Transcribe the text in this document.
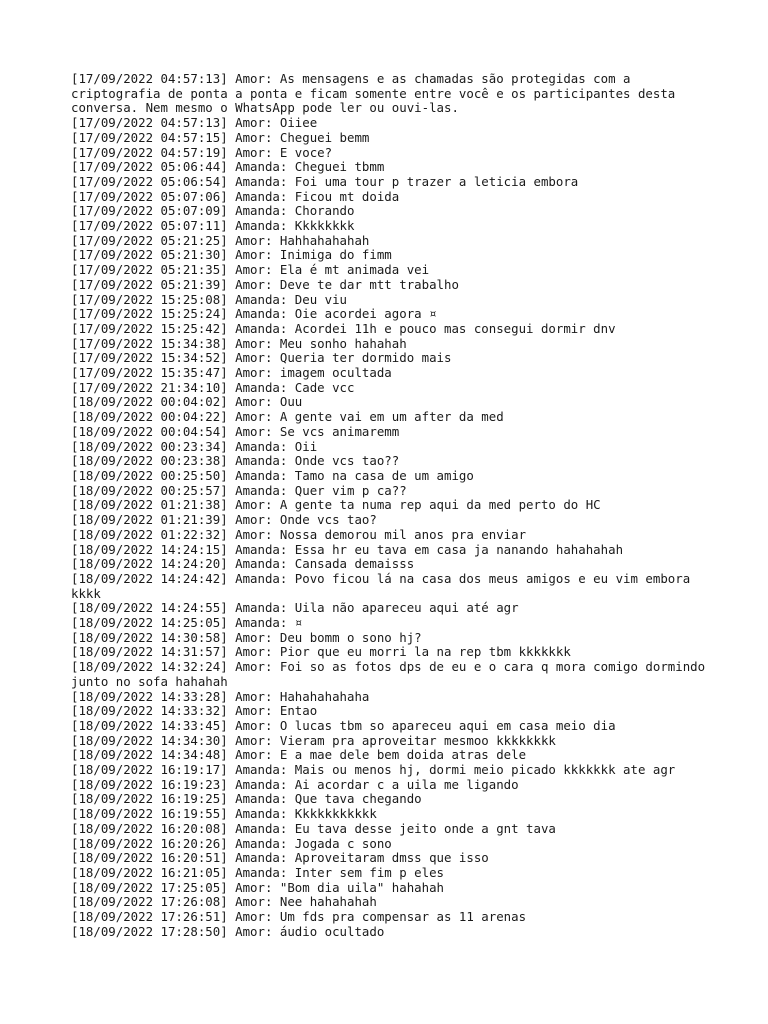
[17/09/2022 04:57:13] Amor: As mensagens e as chamadas são protegidas com a criptografia de ponta a ponta e ficam somente entre você e os participantes desta conversa. Nem mesmo o WhatsApp pode ler ou ouvi-las.
[17/09/2022 04:57:13] Amor: Oiiee
[17/09/2022 04:57:15] Amor: Cheguei bemm
[17/09/2022 04:57:19] Amor: E voce?
[17/09/2022 05:06:44] Amanda: Cheguei tbmm
[17/09/2022 05:06:54] Amanda: Foi uma tour p trazer a leticia embora
[17/09/2022 05:07:06] Amanda: Ficou mt doida
[17/09/2022 05:07:09] Amanda: Chorando
[17/09/2022 05:07:11] Amanda: Kkkkkkkk
[17/09/2022 05:21:25] Amor: Hahhahahahah
[17/09/2022 05:21:30] Amor: Inimiga do fimm
[17/09/2022 05:21:35] Amor: Ela é mt animada vei
[17/09/2022 05:21:39] Amor: Deve te dar mtt trabalho
[17/09/2022 15:25:08] Amanda: Deu viu
[17/09/2022 15:25:24] Amanda: Oie acordei agora ¤
[17/09/2022 15:25:42] Amanda: Acordei 11h e pouco mas consegui dormir dnv
[17/09/2022 15:34:38] Amor: Meu sonho hahahah
[17/09/2022 15:34:52] Amor: Queria ter dormido mais
[17/09/2022 15:35:47] Amor: imagem ocultada
[17/09/2022 21:34:10] Amanda: Cade vcc
[18/09/2022 00:04:02] Amor: Ouu
[18/09/2022 00:04:22] Amor: A gente vai em um after da med
[18/09/2022 00:04:54] Amor: Se vcs animaremm
[18/09/2022 00:23:34] Amanda: Oii
[18/09/2022 00:23:38] Amanda: Onde vcs tao??
[18/09/2022 00:25:50] Amanda: Tamo na casa de um amigo
[18/09/2022 00:25:57] Amanda: Quer vim p ca??
[18/09/2022 01:21:38] Amor: A gente ta numa rep aqui da med perto do HC
[18/09/2022 01:21:39] Amor: Onde vcs tao?
[18/09/2022 01:22:32] Amor: Nossa demorou mil anos pra enviar
[18/09/2022 14:24:15] Amanda: Essa hr eu tava em casa ja nanando hahahahah
[18/09/2022 14:24:20] Amanda: Cansada demaisss
[18/09/2022 14:24:42] Amanda: Povo ficou lá na casa dos meus amigos e eu vim embora kkkk
[18/09/2022 14:24:55] Amanda: Uila não apareceu aqui até agr
[18/09/2022 14:25:05] Amanda: ¤
[18/09/2022 14:30:58] Amor: Deu bomm o sono hj?
[18/09/2022 14:31:57] Amor: Pior que eu morri la na rep tbm kkkkkkk
[18/09/2022 14:32:24] Amor: Foi so as fotos dps de eu e o cara q mora comigo dormindo junto no sofa hahahah
[18/09/2022 14:33:28] Amor: Hahahahahaha
[18/09/2022 14:33:32] Amor: Entao
[18/09/2022 14:33:45] Amor: O lucas tbm so apareceu aqui em casa meio dia
[18/09/2022 14:34:30] Amor: Vieram pra aproveitar mesmoo kkkkkkkk
[18/09/2022 14:34:48] Amor: E a mae dele bem doida atras dele
[18/09/2022 16:19:17] Amanda: Mais ou menos hj, dormi meio picado kkkkkkk ate agr
[18/09/2022 16:19:23] Amanda: Ai acordar c a uila me ligando
[18/09/2022 16:19:25] Amanda: Que tava chegando
[18/09/2022 16:19:55] Amanda: Kkkkkkkkkkk
[18/09/2022 16:20:08] Amanda: Eu tava desse jeito onde a gnt tava
[18/09/2022 16:20:26] Amanda: Jogada c sono
[18/09/2022 16:20:51] Amanda: Aproveitaram dmss que isso
[18/09/2022 16:21:05] Amanda: Inter sem fim p eles
[18/09/2022 17:25:05] Amor: "Bom dia uila" hahahah
[18/09/2022 17:26:08] Amor: Nee hahahahah
[18/09/2022 17:26:51] Amor: Um fds pra compensar as 11 arenas
[18/09/2022 17:28:50] Amor: áudio ocultado
